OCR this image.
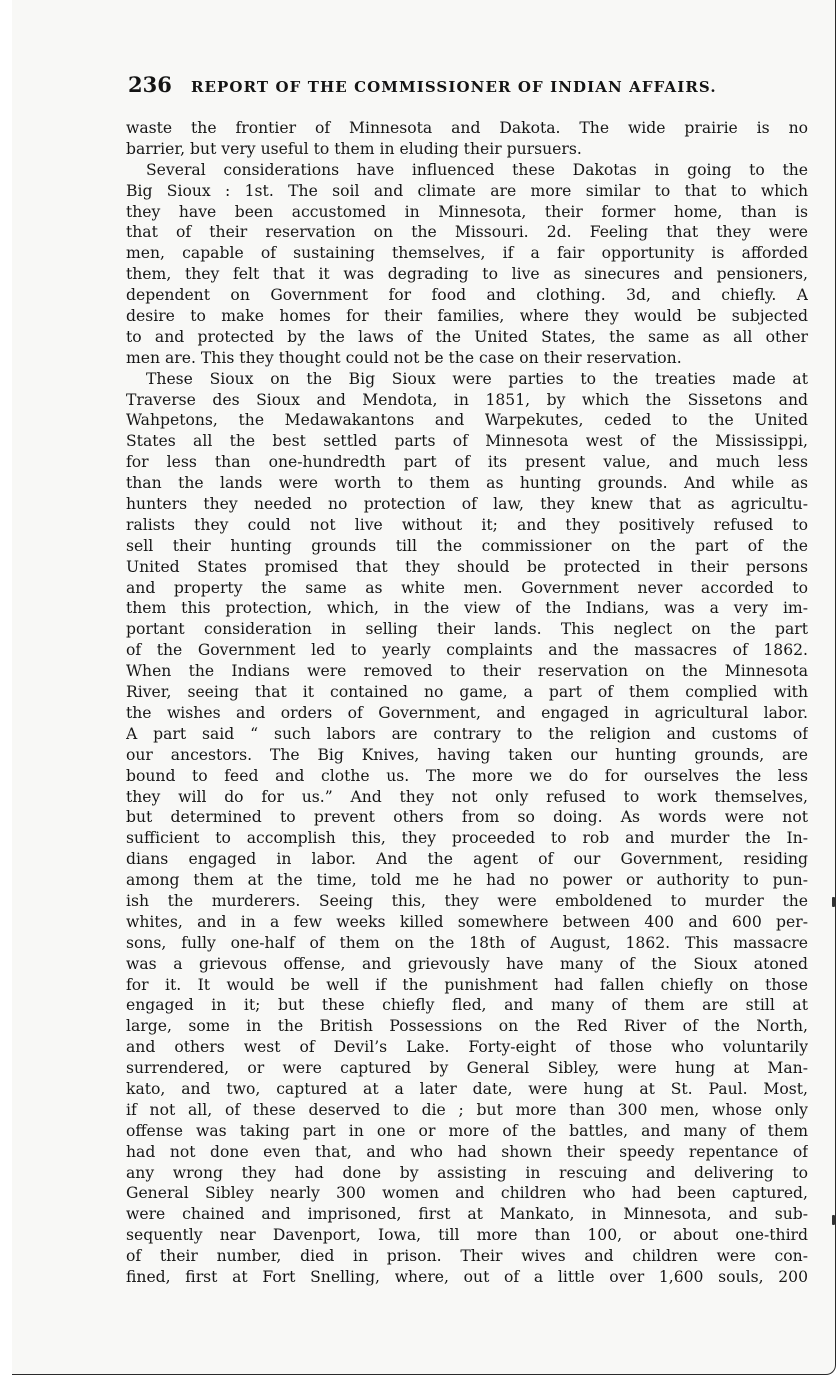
236 REPORT OF THE COMMISSIONER OF INDIAN AFFAIRS.
waste the frontier of Minnesota and Dakota. The wide prairie is no
barrier, but very useful to them in eluding their pursuers.
Several considerations have influenced these Dakotas in going to the
Big Sioux : 1st. The soil and climate are more similar to that to which
they have been accustomed in Minnesota, their former home, than is
that of their reservation on the Missouri. 2d. Feeling that they were
men, capable of sustaining themselves, if a fair opportunity is afforded
them, they felt that it was degrading to live as sinecures and pensioners,
dependent on Government for food and clothing. 3d, and chiefly. A
desire to make homes for their families, where they would be subjected
to and protected by the laws of the United States, the same as all other
men are. This they thought could not be the case on their reservation.
These Sioux on the Big Sioux were parties to the treaties made at
Traverse des Sioux and Mendota, in 1851, by which the Sissetons and
Wahpetons, the Medawakantons and Warpekutes, ceded to the United
States all the best settled parts of Minnesota west of the Mississippi,
for less than one-hundredth part of its present value, and much less
than the lands were worth to them as hunting grounds. And while as
hunters they needed no protection of law, they knew that as agricultu-
ralists they could not live without it; and they positively refused to
sell their hunting grounds till the commissioner on the part of the
United States promised that they should be protected in their persons
and property the same as white men. Government never accorded to
them this protection, which, in the view of the Indians, was a very im-
portant consideration in selling their lands. This neglect on the part
of the Government led to yearly complaints and the massacres of 1862.
When the Indians were removed to their reservation on the Minnesota
River, seeing that it contained no game, a part of them complied with
the wishes and orders of Government, and engaged in agricultural labor.
A part said “ such labors are contrary to the religion and customs of
our ancestors. The Big Knives, having taken our hunting grounds, are
bound to feed and clothe us. The more we do for ourselves the less
they will do for us.” And they not only refused to work themselves,
but determined to prevent others from so doing. As words were not
sufficient to accomplish this, they proceeded to rob and murder the In-
dians engaged in labor. And the agent of our Government, residing
among them at the time, told me he had no power or authority to pun-
ish the murderers. Seeing this, they were emboldened to murder the
whites, and in a few weeks killed somewhere between 400 and 600 per-
sons, fully one-half of them on the 18th of August, 1862. This massacre
was a grievous offense, and grievously have many of the Sioux atoned
for it. It would be well if the punishment had fallen chiefly on those
engaged in it; but these chiefly fled, and many of them are still at
large, some in the British Possessions on the Red River of the North,
and others west of Devil’s Lake. Forty-eight of those who voluntarily
surrendered, or were captured by General Sibley, were hung at Man-
kato, and two, captured at a later date, were hung at St. Paul. Most,
if not all, of these deserved to die ; but more than 300 men, whose only
offense was taking part in one or more of the battles, and many of them
had not done even that, and who had shown their speedy repentance of
any wrong they had done by assisting in rescuing and delivering to
General Sibley nearly 300 women and children who had been captured,
were chained and imprisoned, first at Mankato, in Minnesota, and sub-
sequently near Davenport, Iowa, till more than 100, or about one-third
of their number, died in prison. Their wives and children were con-
fined, first at Fort Snelling, where, out of a little over 1,600 souls, 200
